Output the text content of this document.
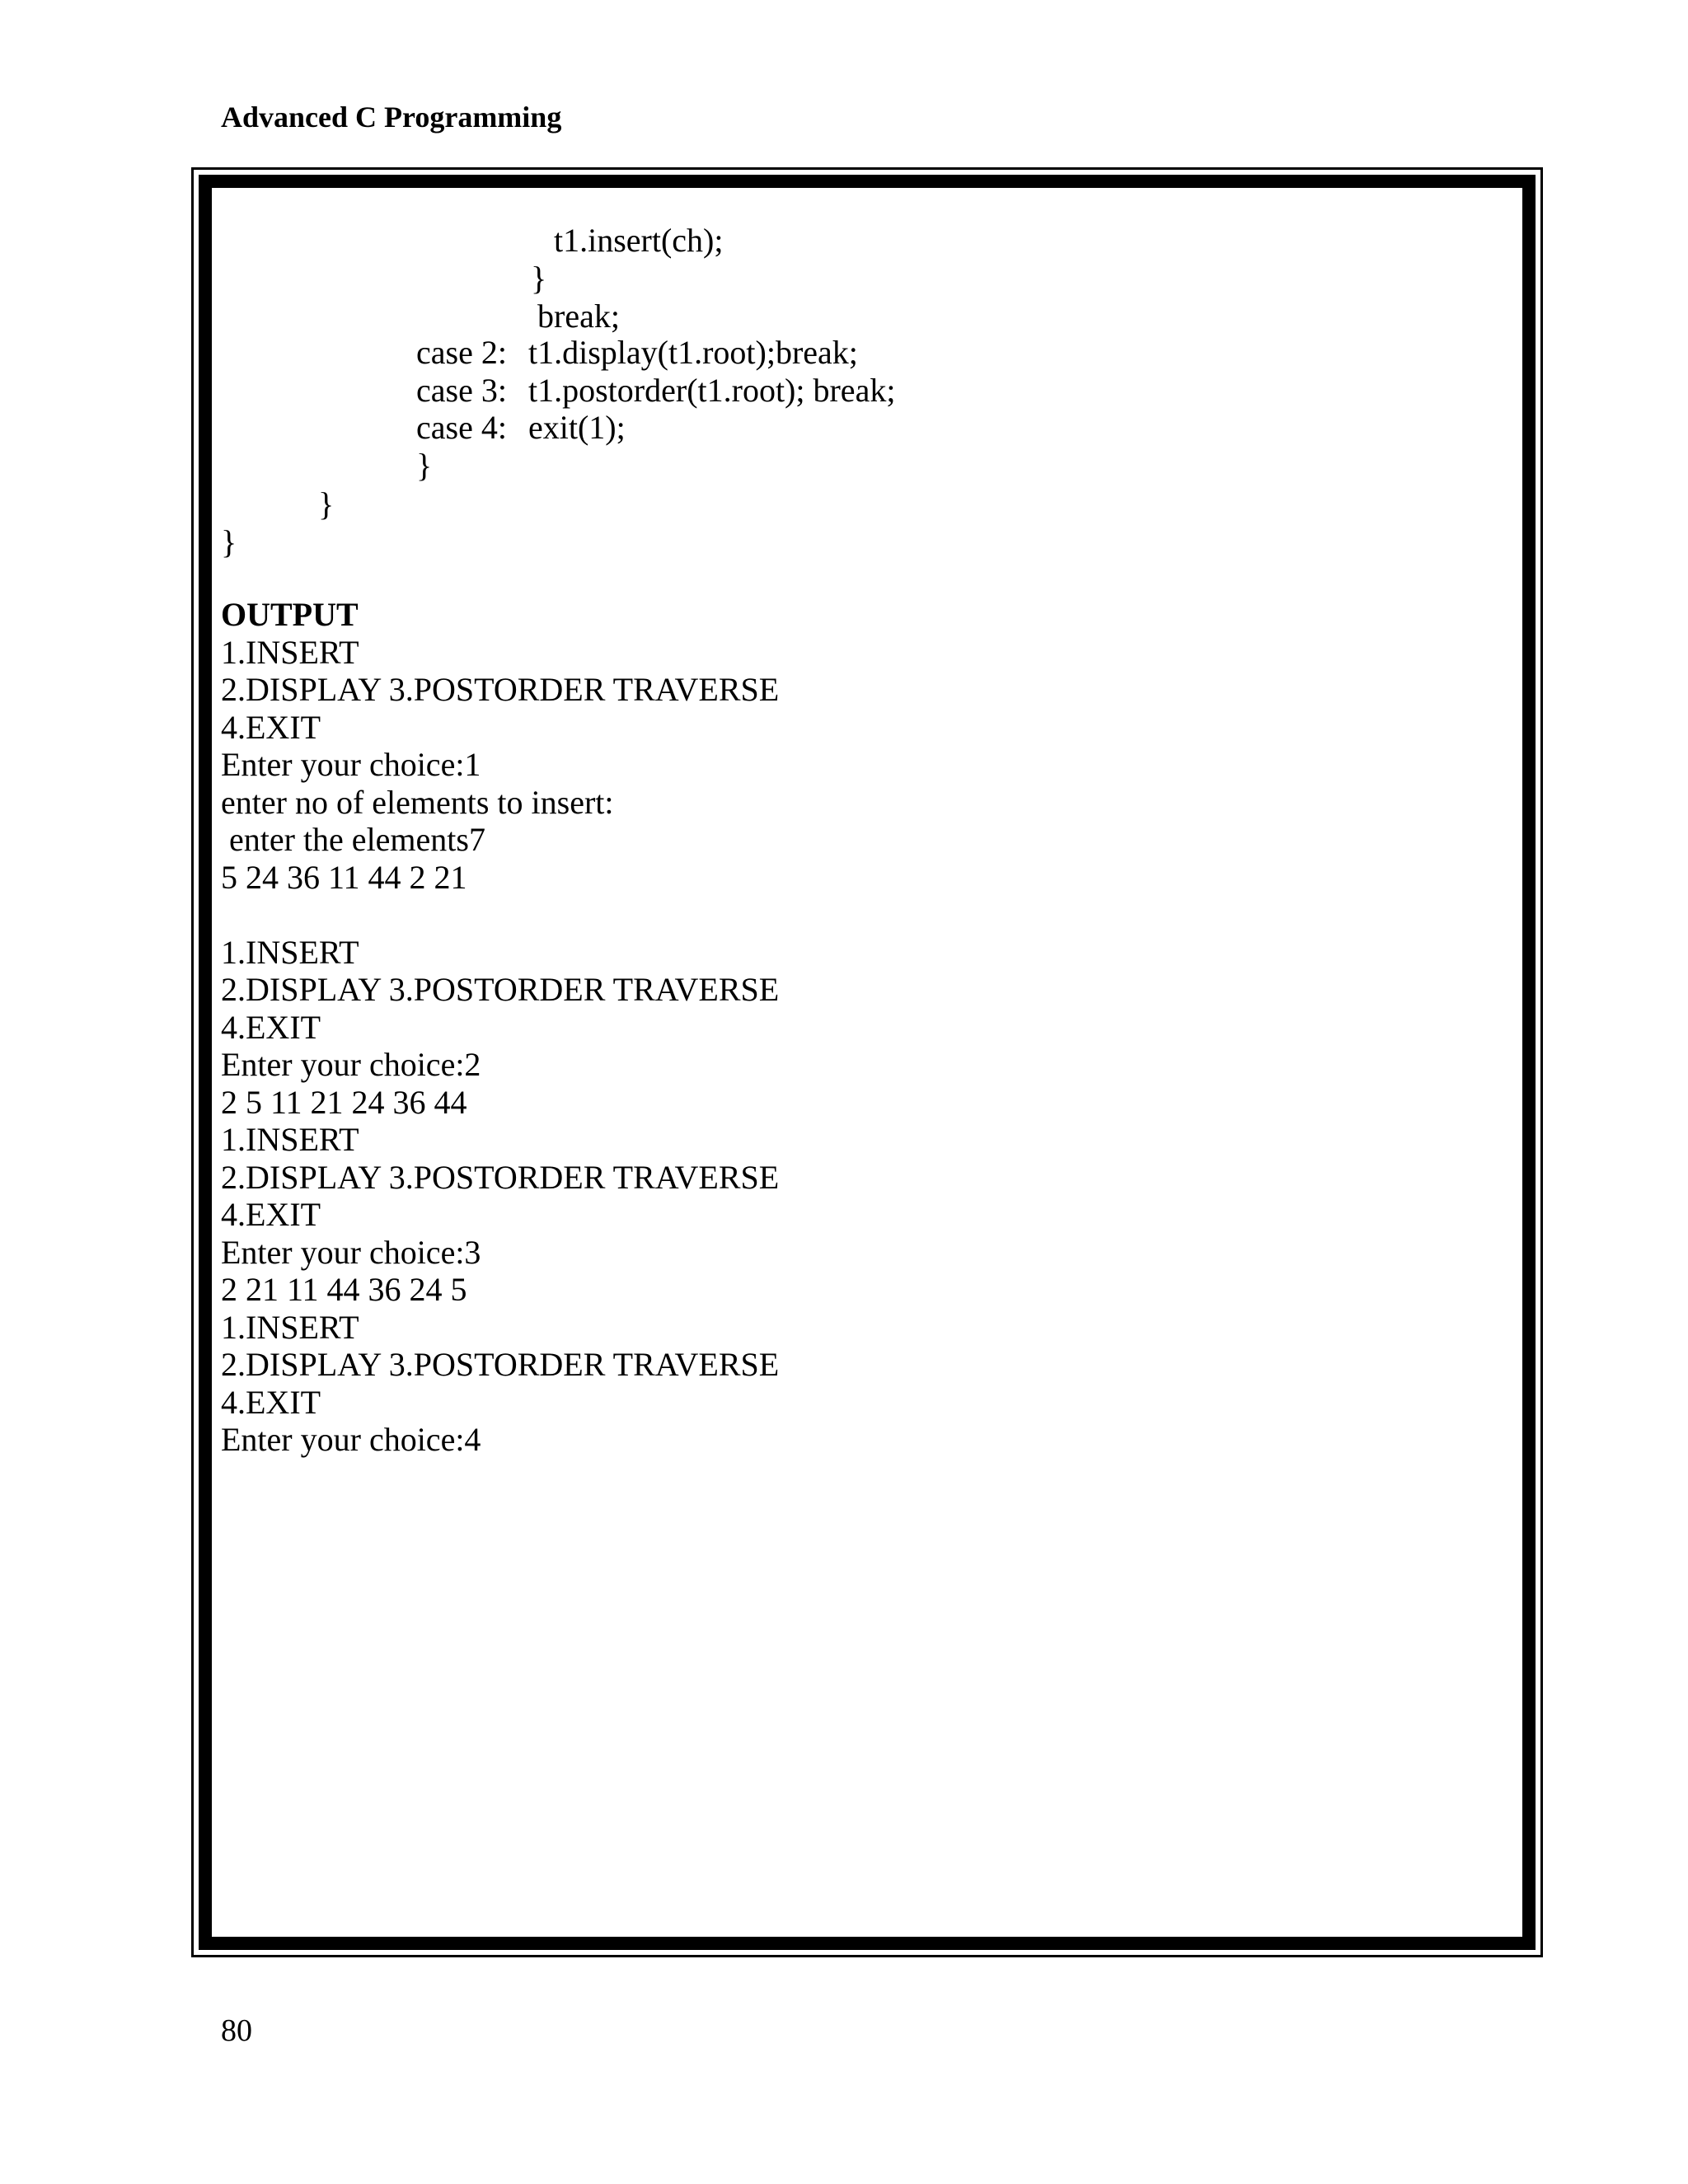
Advanced C Programming
t1.insert(ch);
}
break;
case 2: t1.display(t1.root);break;
case 3: t1.postorder(t1.root); break;
case 4: exit(1);
}
}
}
OUTPUT
1.INSERT
2.DISPLAY 3.POSTORDER TRAVERSE
4.EXIT
Enter your choice:1
enter no of elements to insert:
enter the elements7
5 24 36 11 44 2 21
1.INSERT
2.DISPLAY 3.POSTORDER TRAVERSE
4.EXIT
Enter your choice:2
2 5 11 21 24 36 44
1.INSERT
2.DISPLAY 3.POSTORDER TRAVERSE
4.EXIT
Enter your choice:3
2 21 11 44 36 24 5
1.INSERT
2.DISPLAY 3.POSTORDER TRAVERSE
4.EXIT
Enter your choice:4
80
